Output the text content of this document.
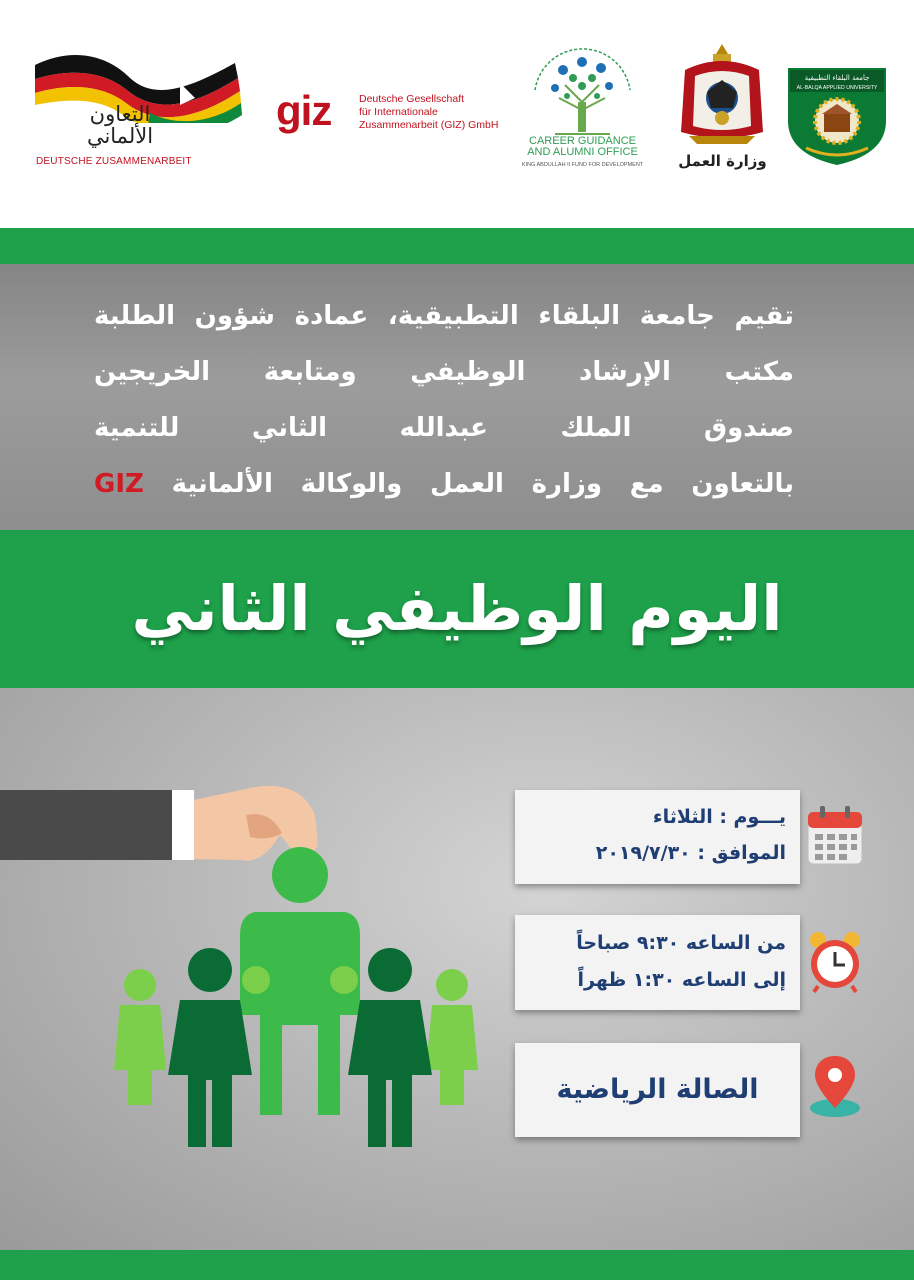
التعاون الألماني
DEUTSCHE ZUSAMMENARBEIT
giz	Deutsche Gesellschaft
für Internationale
Zusammenarbeit (GIZ) GmbH
CAREER GUIDANCE
AND ALUMNI OFFICE
KING ABDULLAH II FUND FOR DEVELOPMENT	وزارة العمل
جامعة البلقاء التطبيقية
AL-BALQA APPLIED UNIVERSITY
تقيم جامعة البلقاء التطبيقية، عمادة شؤون الطلبة
مكتب الإرشاد الوظيفي ومتابعة الخريجين
صندوق الملك عبدالله الثاني للتنمية
بالتعاون مع وزارة العمل والوكالة الألمانية GIZ
اليوم الوظيفي الثاني
يـــوم : الثلاثاء
الموافق : ٢٠١٩/٧/٣٠
من الساعه ٩:٣٠ صباحاً
إلى الساعه ١:٣٠ ظهراً
الصالة الرياضية
